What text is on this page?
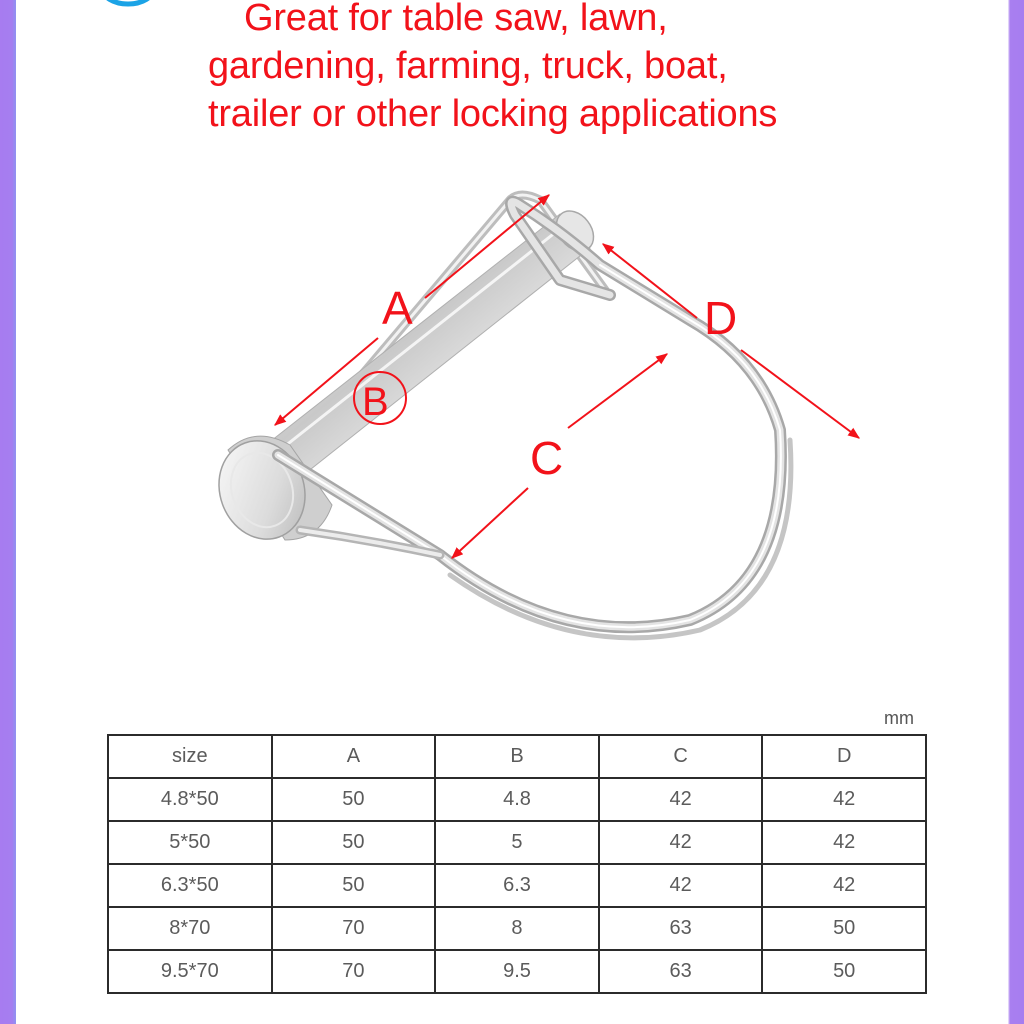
Great for table saw, lawn,
gardening, farming, truck, boat,
trailer or other locking applications
A
B
C
D
mm
size	A	B	C	D
4.8*50	50	4.8	42	42
5*50	50	5	42	42
6.3*50	50	6.3	42	42
8*70	70	8	63	50
9.5*70	70	9.5	63	50
